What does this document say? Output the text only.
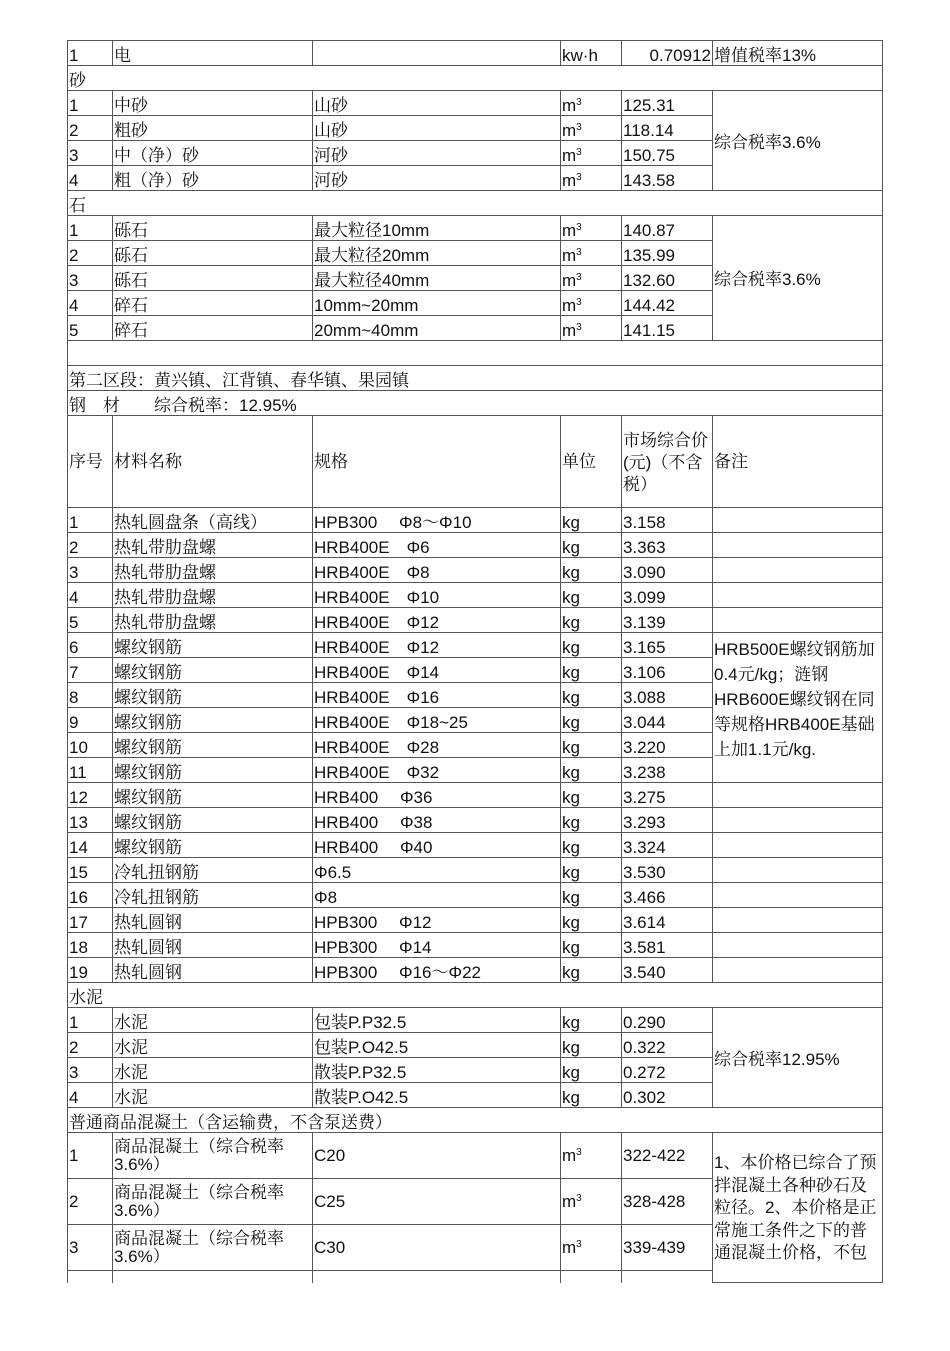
1	电		kw·h	0.70912	增值税率13%
砂					
1	中砂	山砂	$m^3$	125.31	综合税率3.6%
2	粗砂	山砂	$m^3$	118.14	
3	中（净）砂	河砂	$m^3$	150.75	
4	粗（净）砂	河砂	$m^3$	143.58	
石					
1	砾石	最大粒径10mm	$m^3$	140.87	综合税率3.6%
2	砾石	最大粒径20mm	$m^3$	135.99	
3	砾石	最大粒径40mm	$m^3$	132.60	
4	碎石	10mm~20mm	$m^3$	144.42	
5	碎石	20mm~40mm	$m^3$	141.15	

第二区段：黄兴镇、江背镇、春华镇、果园镇					
钢　材　　综合税率：12.95%					
序号	材料名称	规格	单位	市场综合价(元)（不含税）	备注
1	热轧圆盘条（高线）	HPB300　 Φ8～Φ10	kg	3.158	
2	热轧带肋盘螺	HRB400E　Φ6	kg	3.363	
3	热轧带肋盘螺	HRB400E　Φ8	kg	3.090	
4	热轧带肋盘螺	HRB400E　Φ10	kg	3.099	
5	热轧带肋盘螺	HRB400E　Φ12	kg	3.139	
6	螺纹钢筋	HRB400E　Φ12	kg	3.165	HRB500E螺纹钢筋加0.4元/kg；涟钢HRB600E螺纹钢在同等规格HRB400E基础上加1.1元/kg.
7	螺纹钢筋	HRB400E　Φ14	kg	3.106	
8	螺纹钢筋	HRB400E　Φ16	kg	3.088	
9	螺纹钢筋	HRB400E　Φ18~25	kg	3.044	
10	螺纹钢筋	HRB400E　Φ28	kg	3.220	
11	螺纹钢筋	HRB400E　Φ32	kg	3.238	
12	螺纹钢筋	HRB400　 Φ36	kg	3.275	
13	螺纹钢筋	HRB400　 Φ38	kg	3.293	
14	螺纹钢筋	HRB400　 Φ40	kg	3.324	
15	冷轧扭钢筋	Φ6.5	kg	3.530	
16	冷轧扭钢筋	Φ8	kg	3.466	
17	热轧圆钢	HPB300　 Φ12	kg	3.614	
18	热轧圆钢	HPB300　 Φ14	kg	3.581	
19	热轧圆钢	HPB300　 Φ16～Φ22	kg	3.540	
水泥					
1	水泥	包装P.P32.5	kg	0.290	综合税率12.95%
2	水泥	包装P.O42.5	kg	0.322	
3	水泥	散装P.P32.5	kg	0.272	
4	水泥	散装P.O42.5	kg	0.302	
普通商品混凝土（含运输费，不含泵送费）					
1	商品混凝土（综合税率3.6%）	C20	$m^3$	322-422	1、本价格已综合了预拌混凝土各种砂石及粒径。2、本价格是正常施工条件之下的普通混凝土价格，不包
2	商品混凝土（综合税率3.6%）	C25	$m^3$	328-428	
3	商品混凝土（综合税率3.6%）	C30	$m^3$	339-439	
